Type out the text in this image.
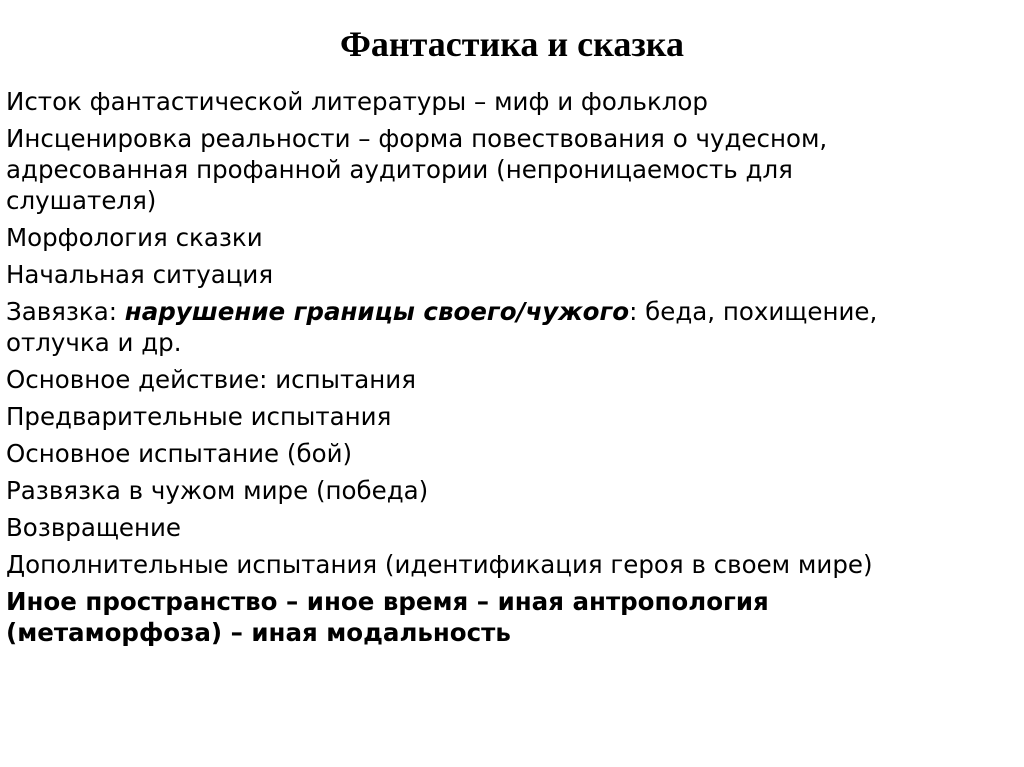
Фантастика и сказка
Исток фантастической литературы – миф и фольклор
Инсценировка реальности – форма повествования о чудесном,
адресованная профанной аудитории (непроницаемость для
слушателя)
Морфология сказки
Начальная ситуация
Завязка: нарушение границы своего/чужого: беда, похищение,
отлучка и др.
Основное действие: испытания
Предварительные испытания
Основное испытание (бой)
Развязка в чужом мире (победа)
Возвращение
Дополнительные испытания (идентификация героя в своем мире)
Иное пространство – иное время – иная антропология
(метаморфоза) – иная модальность
